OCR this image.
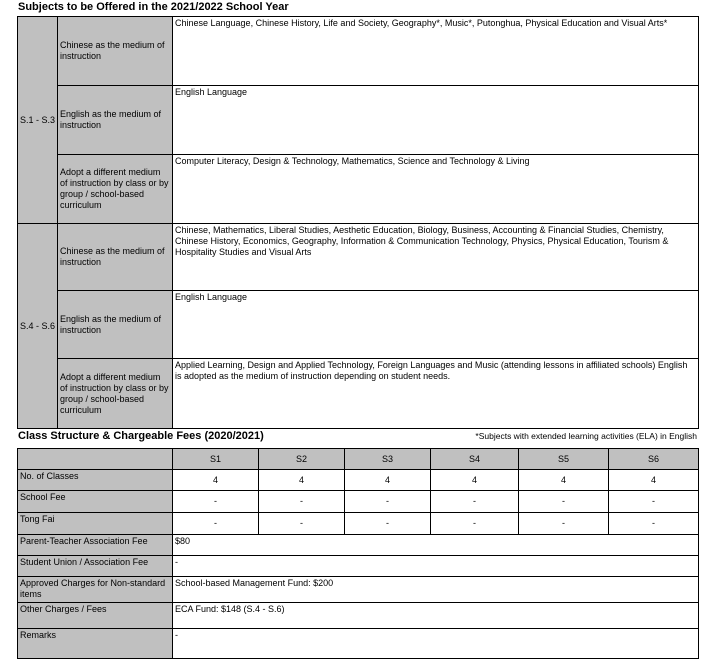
Subjects to be Offered in the 2021/2022 School Year
S.1 - S.3	Chinese as the medium of instruction	Chinese Language, Chinese History, Life and Society, Geography*, Music*, Putonghua, Physical Education and Visual Arts*
	English as the medium of instruction	English Language
	Adopt a different medium of instruction by class or by group / school-based curriculum	Computer Literacy, Design & Technology, Mathematics, Science and Technology & Living
S.4 - S.6	Chinese as the medium of instruction	Chinese, Mathematics, Liberal Studies, Aesthetic Education, Biology, Business, Accounting & Financial Studies, Chemistry, Chinese History, Economics, Geography, Information & Communication Technology, Physics, Physical Education, Tourism & Hospitality Studies and Visual Arts
	English as the medium of instruction	English Language
	Adopt a different medium of instruction by class or by group / school-based curriculum	Applied Learning, Design and Applied Technology, Foreign Languages and Music (attending lessons in affiliated schools) English is adopted as the medium of instruction depending on student needs.
Class Structure & Chargeable Fees (2020/2021)	*Subjects with extended learning activities (ELA) in English
	S1	S2	S3	S4	S5	S6
No. of Classes	4	4	4	4	4	4
School Fee	-	-	-	-	-	-
Tong Fai	-	-	-	-	-	-
Parent-Teacher Association Fee	$80					
Student Union / Association Fee	-					
Approved Charges for Non-standard items	School-based Management Fund: $200					
Other Charges / Fees	ECA Fund: $148 (S.4 - S.6)					
Remarks	-					
